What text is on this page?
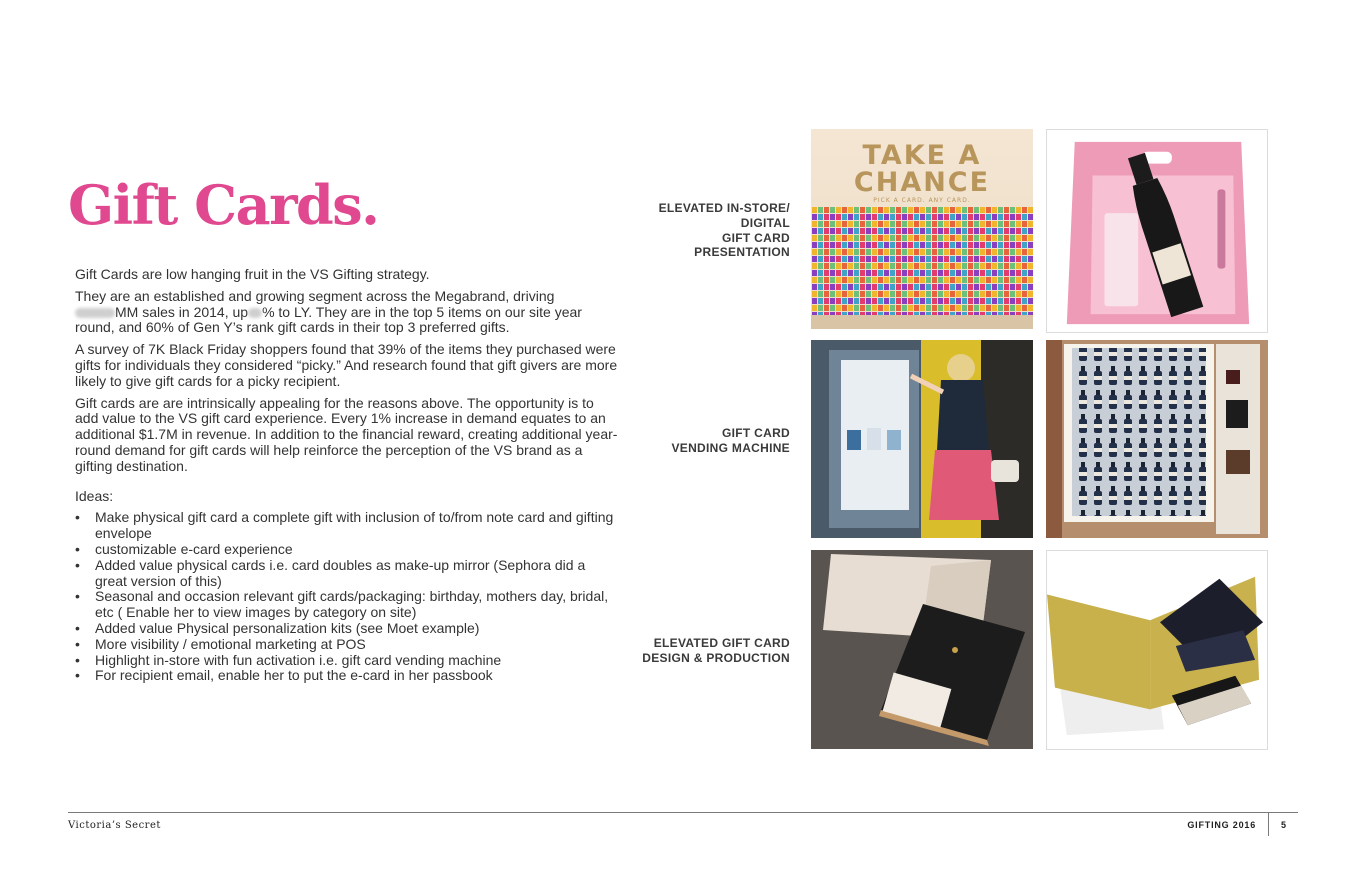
Gift Cards.

Gift Cards are low hanging fruit in the VS Gifting strategy.

They are an established and growing segment across the Megabrand, driving
MM sales in 2014, up % to LY. They are in the top 5 items on our site year
round, and 60% of Gen Y’s rank gift cards in their top 3 preferred gifts.

A survey of 7K Black Friday shoppers found that 39% of the items they purchased were gifts for individuals they considered “picky.” And research found that gift givers are more likely to give gift cards for a picky recipient.

Gift cards are are intrinsically appealing for the reasons above. The opportunity is to add value to the VS gift card experience. Every 1% increase in demand equates to an additional $1.7M in revenue. In addition to the financial reward, creating additional year-round demand for gift cards will help reinforce the perception of the VS brand as a gifting destination.

Ideas:

• Make physical gift card a complete gift with inclusion of to/from note card and gifting envelope
• customizable e-card experience
• Added value physical cards i.e. card doubles as make-up mirror (Sephora did a great version of this)
• Seasonal and occasion relevant gift cards/packaging: birthday, mothers day, bridal, etc ( Enable her to view images by category on site)
• Added value Physical personalization kits (see Moet example)
• More visibility / emotional marketing at POS
• Highlight in-store with fun activation i.e. gift card vending machine
• For recipient email, enable her to put the e-card in her passbook
ELEVATED IN-STORE/
DIGITAL
GIFT CARD
PRESENTATION
GIFT CARD
VENDING MACHINE
ELEVATED GIFT CARD
DESIGN & PRODUCTION
TAKE A
CHANCE
PICK A CARD. ANY CARD.
Victoria’s Secret	GIFTING 2016	5
